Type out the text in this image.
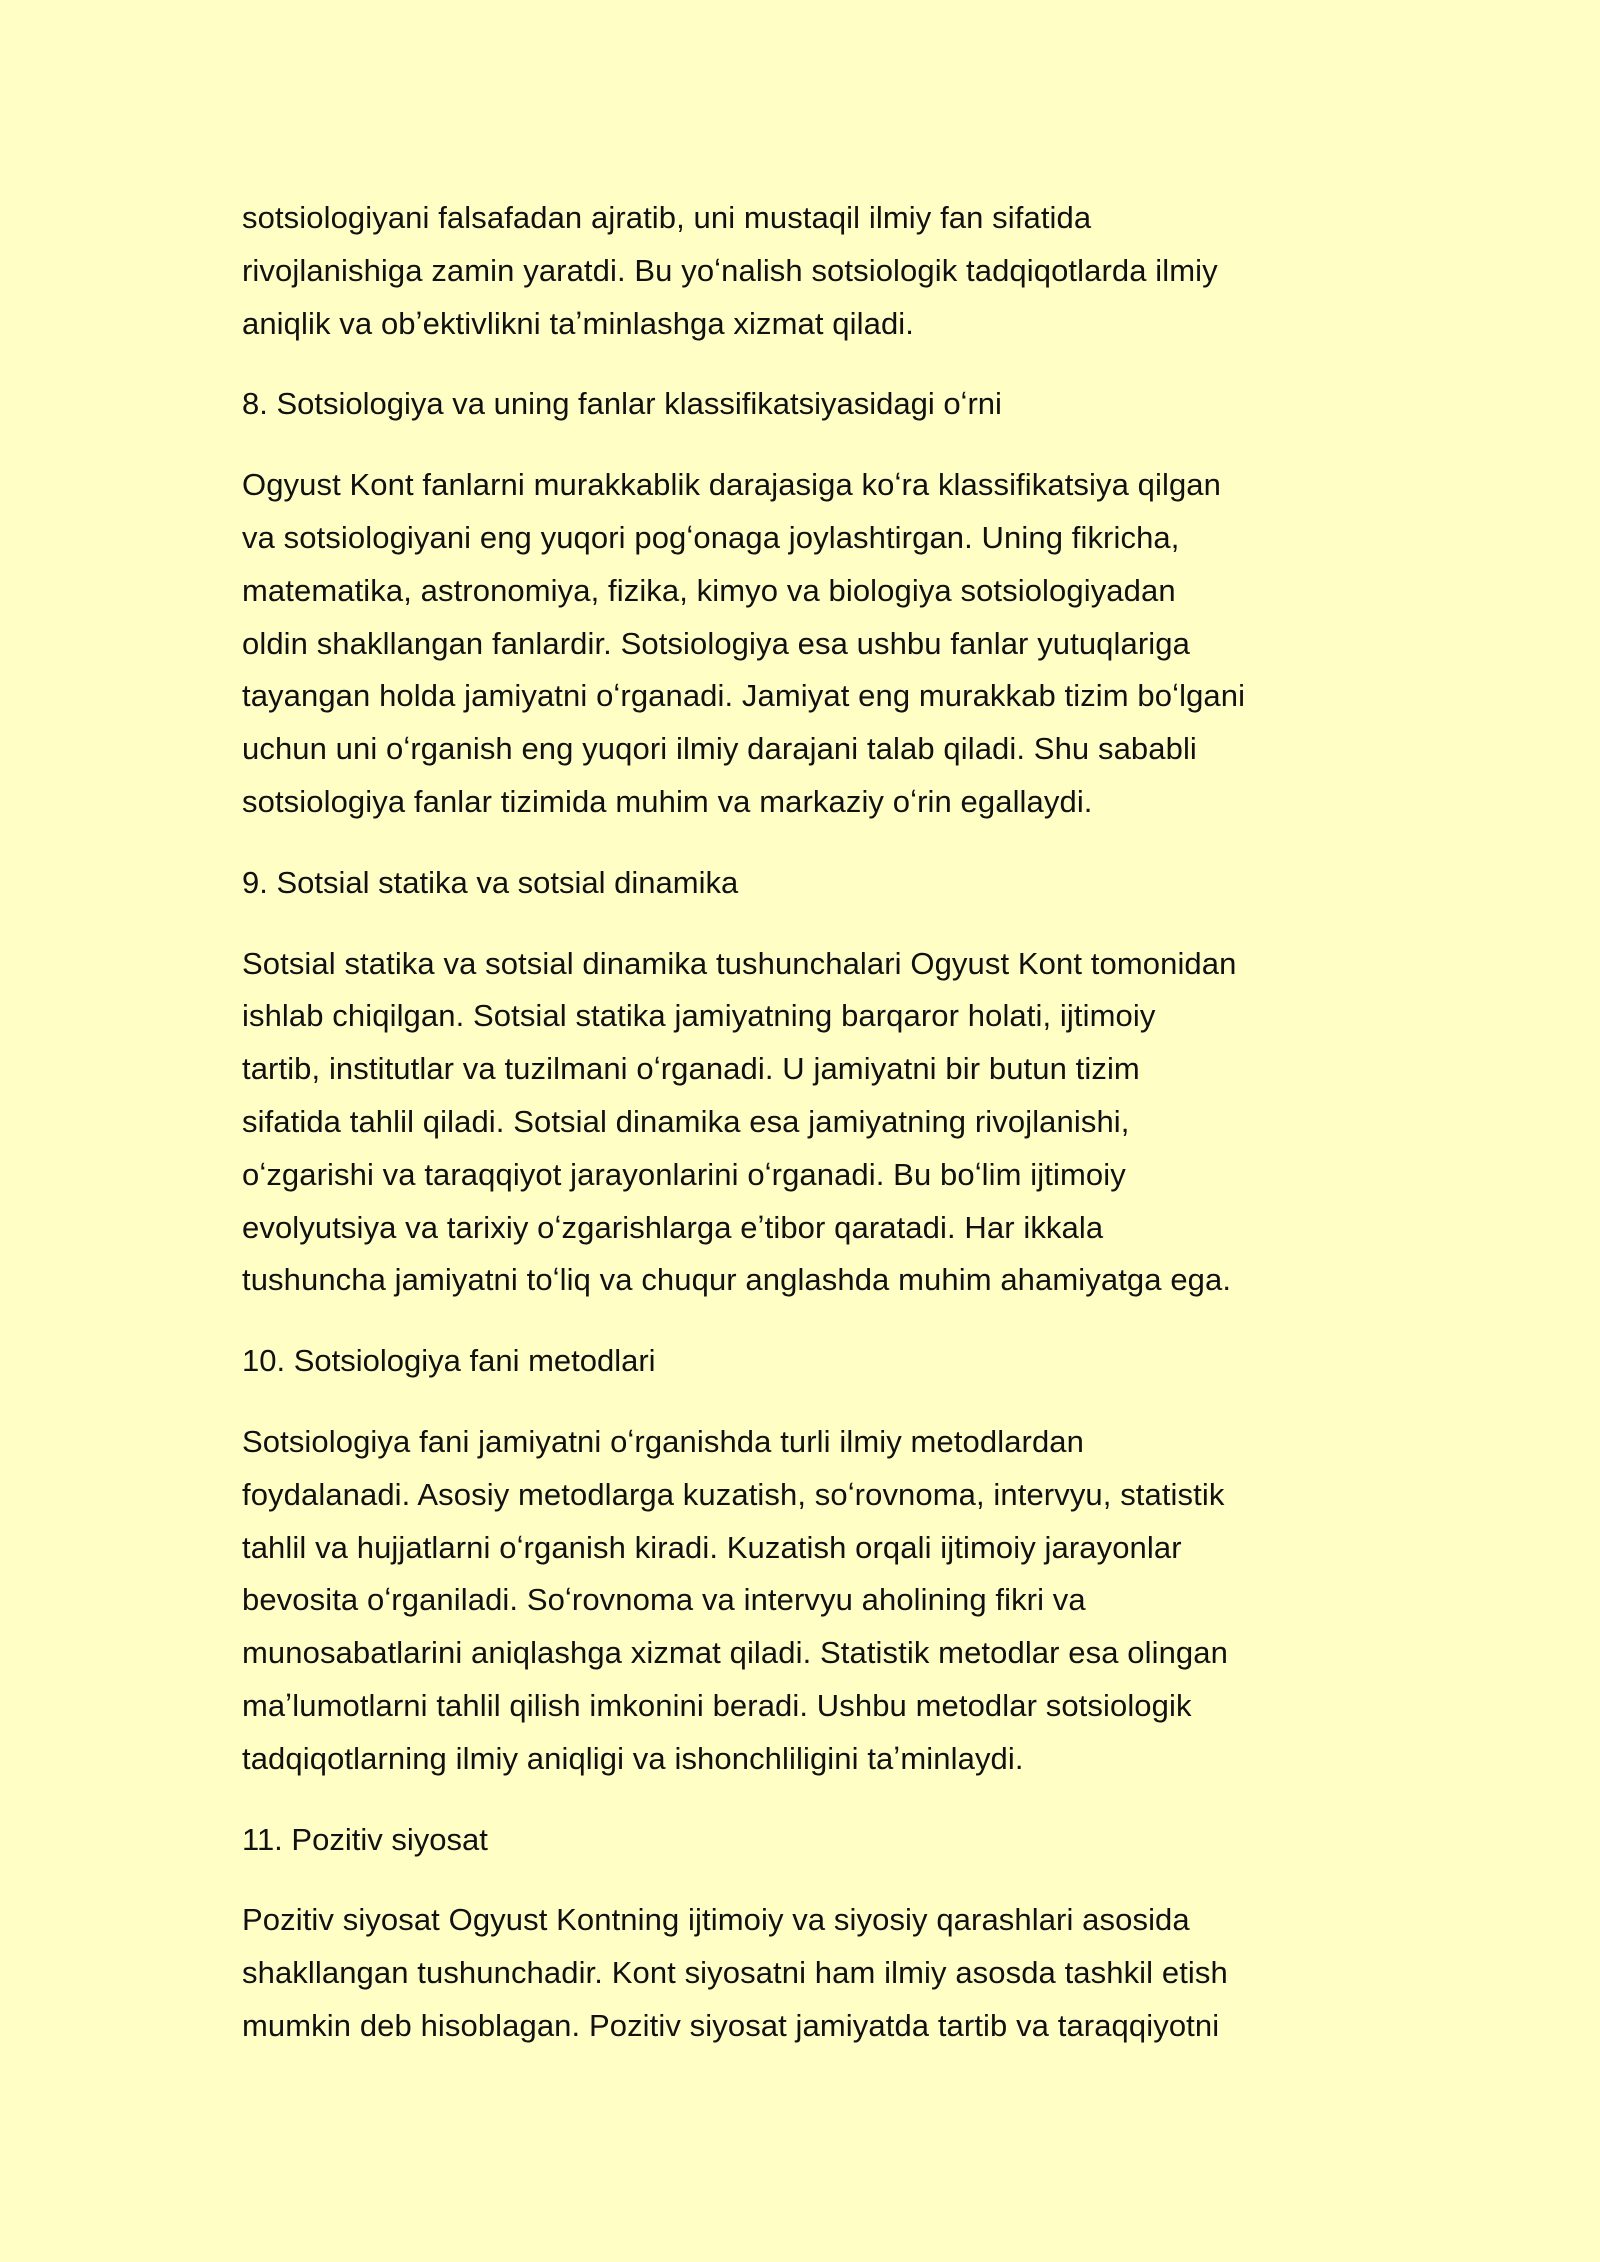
sotsiologiyani falsafadan ajratib, uni mustaqil ilmiy fan sifatida
rivojlanishiga zamin yaratdi. Bu yoʻnalish sotsiologik tadqiqotlarda ilmiy
aniqlik va obʼektivlikni taʼminlashga xizmat qiladi.

8. Sotsiologiya va uning fanlar klassifikatsiyasidagi oʻrni

Ogyust Kont fanlarni murakkablik darajasiga koʻra klassifikatsiya qilgan
va sotsiologiyani eng yuqori pogʻonaga joylashtirgan. Uning fikricha,
matematika, astronomiya, fizika, kimyo va biologiya sotsiologiyadan
oldin shakllangan fanlardir. Sotsiologiya esa ushbu fanlar yutuqlariga
tayangan holda jamiyatni oʻrganadi. Jamiyat eng murakkab tizim boʻlgani
uchun uni oʻrganish eng yuqori ilmiy darajani talab qiladi. Shu sababli
sotsiologiya fanlar tizimida muhim va markaziy oʻrin egallaydi.

9. Sotsial statika va sotsial dinamika

Sotsial statika va sotsial dinamika tushunchalari Ogyust Kont tomonidan
ishlab chiqilgan. Sotsial statika jamiyatning barqaror holati, ijtimoiy
tartib, institutlar va tuzilmani oʻrganadi. U jamiyatni bir butun tizim
sifatida tahlil qiladi. Sotsial dinamika esa jamiyatning rivojlanishi,
oʻzgarishi va taraqqiyot jarayonlarini oʻrganadi. Bu boʻlim ijtimoiy
evolyutsiya va tarixiy oʻzgarishlarga eʼtibor qaratadi. Har ikkala
tushuncha jamiyatni toʻliq va chuqur anglashda muhim ahamiyatga ega.

10. Sotsiologiya fani metodlari

Sotsiologiya fani jamiyatni oʻrganishda turli ilmiy metodlardan
foydalanadi. Asosiy metodlarga kuzatish, soʻrovnoma, intervyu, statistik
tahlil va hujjatlarni oʻrganish kiradi. Kuzatish orqali ijtimoiy jarayonlar
bevosita oʻrganiladi. Soʻrovnoma va intervyu aholining fikri va
munosabatlarini aniqlashga xizmat qiladi. Statistik metodlar esa olingan
maʼlumotlarni tahlil qilish imkonini beradi. Ushbu metodlar sotsiologik
tadqiqotlarning ilmiy aniqligi va ishonchliligini taʼminlaydi.

11. Pozitiv siyosat

Pozitiv siyosat Ogyust Kontning ijtimoiy va siyosiy qarashlari asosida
shakllangan tushunchadir. Kont siyosatni ham ilmiy asosda tashkil etish
mumkin deb hisoblagan. Pozitiv siyosat jamiyatda tartib va taraqqiyotni
